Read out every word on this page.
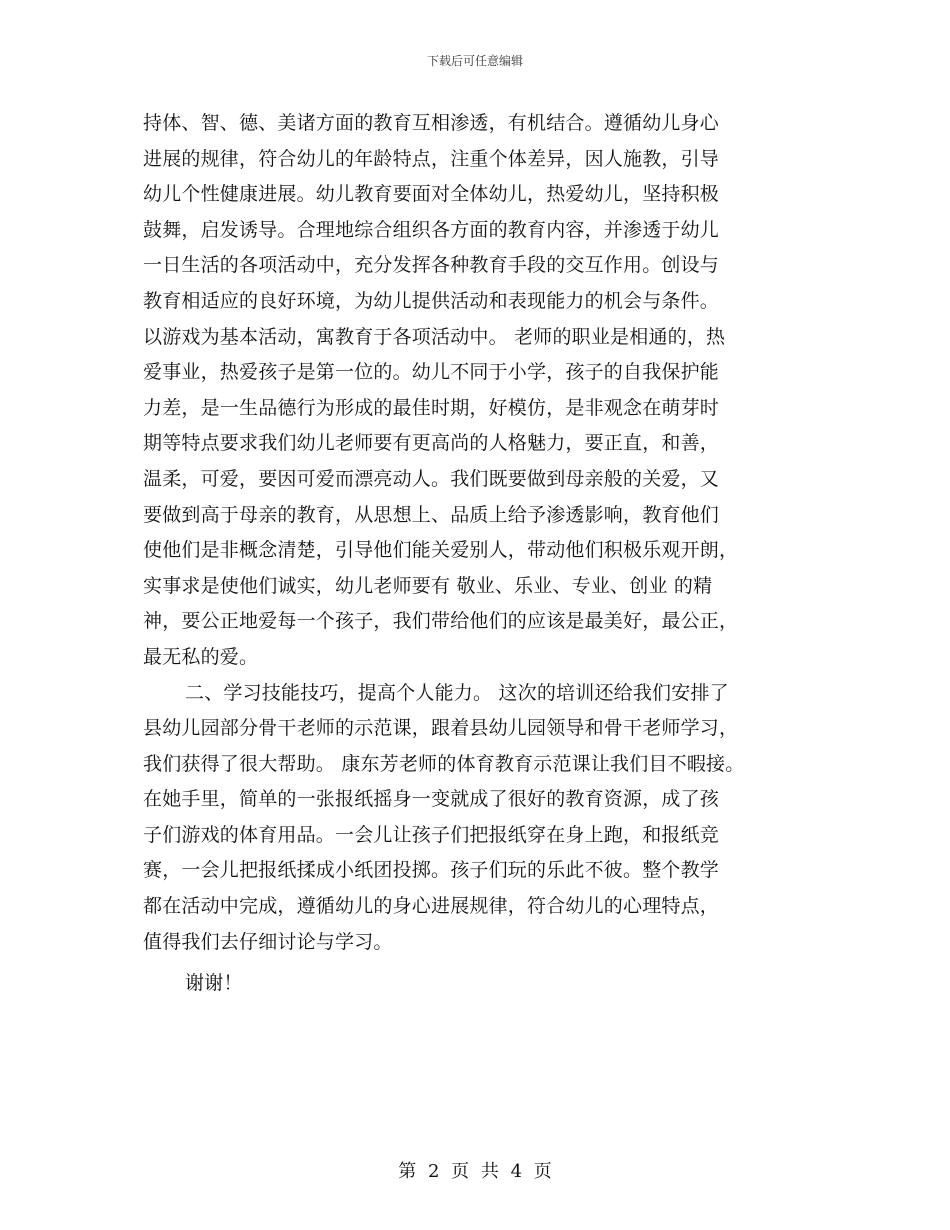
下载后可任意编辑
持体、智、德、美诸方面的教育互相渗透，有机结合。遵循幼儿身心
进展的规律，符合幼儿的年龄特点，注重个体差异，因人施教，引导
幼儿个性健康进展。幼儿教育要面对全体幼儿，热爱幼儿，坚持积极
鼓舞，启发诱导。合理地综合组织各方面的教育内容，并渗透于幼儿
一日生活的各项活动中，充分发挥各种教育手段的交互作用。创设与
教育相适应的良好环境，为幼儿提供活动和表现能力的机会与条件。
以游戏为基本活动，寓教育于各项活动中。 老师的职业是相通的，热
爱事业，热爱孩子是第一位的。幼儿不同于小学，孩子的自我保护能
力差，是一生品德行为形成的最佳时期，好模仿，是非观念在萌芽时
期等特点要求我们幼儿老师要有更高尚的人格魅力，要正直，和善，
温柔，可爱，要因可爱而漂亮动人。我们既要做到母亲般的关爱，又
要做到高于母亲的教育，从思想上、品质上给予渗透影响，教育他们
使他们是非概念清楚，引导他们能关爱别人，带动他们积极乐观开朗，
实事求是使他们诚实，幼儿老师要有 敬业、乐业、专业、创业 的精
神，要公正地爱每一个孩子，我们带给他们的应该是最美好，最公正，
最无私的爱。
二、学习技能技巧，提高个人能力。 这次的培训还给我们安排了
县幼儿园部分骨干老师的示范课，跟着县幼儿园领导和骨干老师学习，
我们获得了很大帮助。 康东芳老师的体育教育示范课让我们目不暇接。
在她手里，简单的一张报纸摇身一变就成了很好的教育资源，成了孩
子们游戏的体育用品。一会儿让孩子们把报纸穿在身上跑，和报纸竞
赛，一会儿把报纸揉成小纸团投掷。孩子们玩的乐此不彼。整个教学
都在活动中完成，遵循幼儿的身心进展规律，符合幼儿的心理特点，
值得我们去仔细讨论与学习。
谢谢！
第 2 页 共 4 页
